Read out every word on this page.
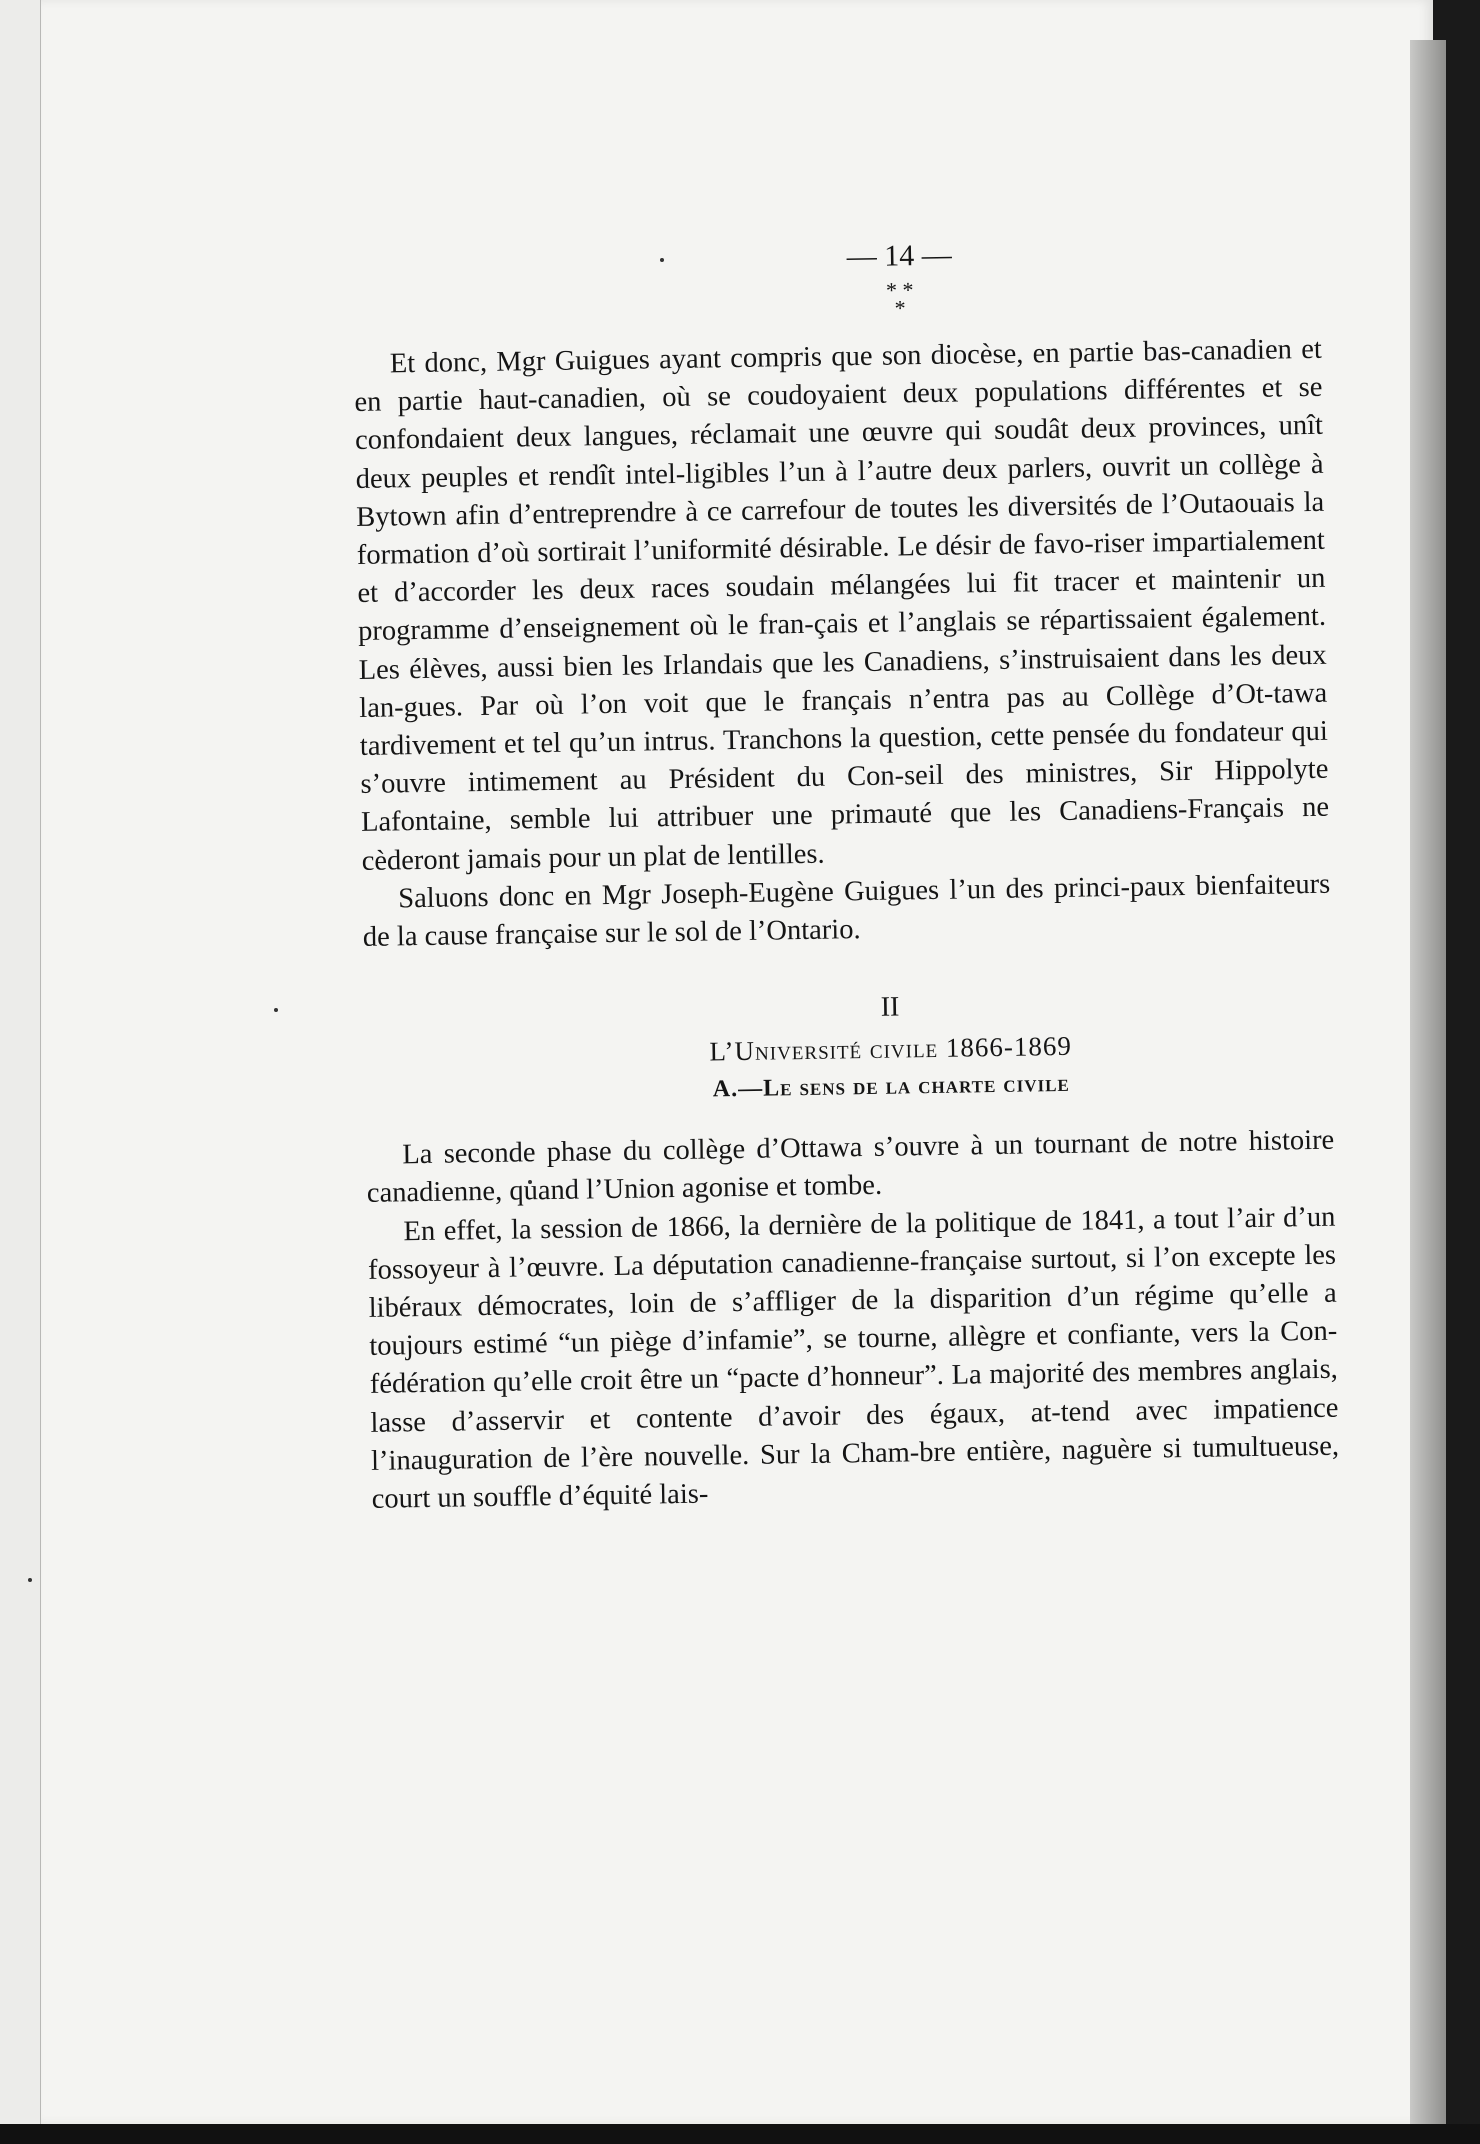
— 14 —
* *
*

Et donc, Mgr Guigues ayant compris que son diocèse, en partie bas-canadien et en partie haut-canadien, où se coudoyaient deux populations différentes et se confondaient deux langues, réclamait une œuvre qui soudât deux provinces, unît deux peuples et rendît intel-ligibles l’un à l’autre deux parlers, ouvrit un collège à Bytown afin d’entreprendre à ce carrefour de toutes les diversités de l’Outaouais la formation d’où sortirait l’uniformité désirable. Le désir de favo-riser impartialement et d’accorder les deux races soudain mélangées lui fit tracer et maintenir un programme d’enseignement où le fran-çais et l’anglais se répartissaient également. Les élèves, aussi bien les Irlandais que les Canadiens, s’instruisaient dans les deux lan-gues. Par où l’on voit que le français n’entra pas au Collège d’Ot-tawa tardivement et tel qu’un intrus. Tranchons la question, cette pensée du fondateur qui s’ouvre intimement au Président du Con-seil des ministres, Sir Hippolyte Lafontaine, semble lui attribuer une primauté que les Canadiens-Français ne cèderont jamais pour un plat de lentilles.

Saluons donc en Mgr Joseph-Eugène Guigues l’un des princi-paux bienfaiteurs de la cause française sur le sol de l’Ontario.

II
L’Université civile 1866-1869
A.—Le sens de la charte civile

La seconde phase du collège d’Ottawa s’ouvre à un tournant de notre histoire canadienne, quand l’Union agonise et tombe.

En effet, la session de 1866, la dernière de la politique de 1841, a tout l’air d’un fossoyeur à l’œuvre. La députation canadienne-française surtout, si l’on excepte les libéraux démocrates, loin de s’affliger de la disparition d’un régime qu’elle a toujours estimé “un piège d’infamie”, se tourne, allègre et confiante, vers la Con-fédération qu’elle croit être un “pacte d’honneur”. La majorité des membres anglais, lasse d’asservir et contente d’avoir des égaux, at-tend avec impatience l’inauguration de l’ère nouvelle. Sur la Cham-bre entière, naguère si tumultueuse, court un souffle d’équité lais-
